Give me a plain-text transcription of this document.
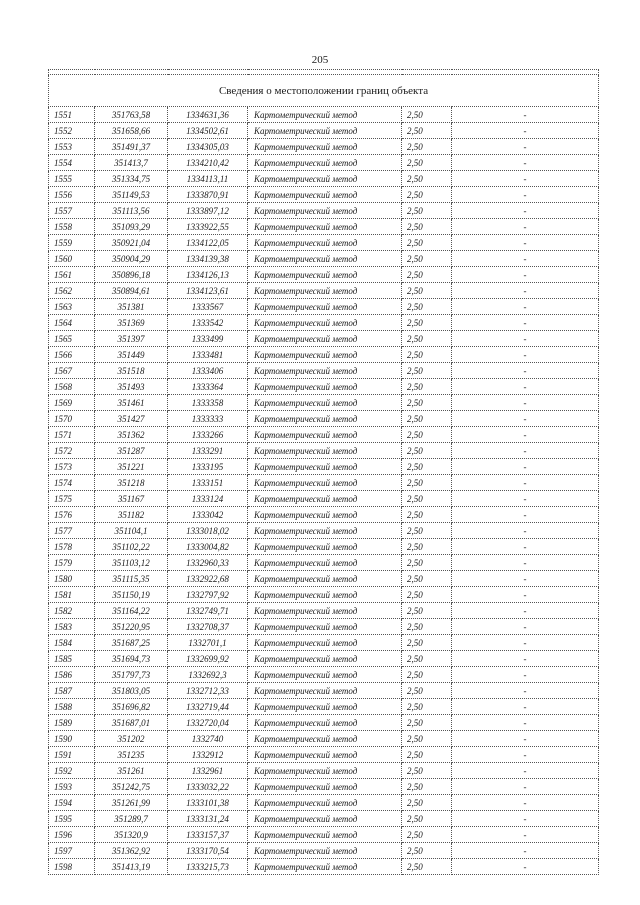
205

Сведения о местоположении границ объекта					
1551	351763,58	1334631,36	Картометрический метод	2,50	-
1552	351658,66	1334502,61	Картометрический метод	2,50	-
1553	351491,37	1334305,03	Картометрический метод	2,50	-
1554	351413,7	1334210,42	Картометрический метод	2,50	-
1555	351334,75	1334113,11	Картометрический метод	2,50	-
1556	351149,53	1333870,91	Картометрический метод	2,50	-
1557	351113,56	1333897,12	Картометрический метод	2,50	-
1558	351093,29	1333922,55	Картометрический метод	2,50	-
1559	350921,04	1334122,05	Картометрический метод	2,50	-
1560	350904,29	1334139,38	Картометрический метод	2,50	-
1561	350896,18	1334126,13	Картометрический метод	2,50	-
1562	350894,61	1334123,61	Картометрический метод	2,50	-
1563	351381	1333567	Картометрический метод	2,50	-
1564	351369	1333542	Картометрический метод	2,50	-
1565	351397	1333499	Картометрический метод	2,50	-
1566	351449	1333481	Картометрический метод	2,50	-
1567	351518	1333406	Картометрический метод	2,50	-
1568	351493	1333364	Картометрический метод	2,50	-
1569	351461	1333358	Картометрический метод	2,50	-
1570	351427	1333333	Картометрический метод	2,50	-
1571	351362	1333266	Картометрический метод	2,50	-
1572	351287	1333291	Картометрический метод	2,50	-
1573	351221	1333195	Картометрический метод	2,50	-
1574	351218	1333151	Картометрический метод	2,50	-
1575	351167	1333124	Картометрический метод	2,50	-
1576	351182	1333042	Картометрический метод	2,50	-
1577	351104,1	1333018,02	Картометрический метод	2,50	-
1578	351102,22	1333004,82	Картометрический метод	2,50	-
1579	351103,12	1332960,33	Картометрический метод	2,50	-
1580	351115,35	1332922,68	Картометрический метод	2,50	-
1581	351150,19	1332797,92	Картометрический метод	2,50	-
1582	351164,22	1332749,71	Картометрический метод	2,50	-
1583	351220,95	1332708,37	Картометрический метод	2,50	-
1584	351687,25	1332701,1	Картометрический метод	2,50	-
1585	351694,73	1332699,92	Картометрический метод	2,50	-
1586	351797,73	1332692,3	Картометрический метод	2,50	-
1587	351803,05	1332712,33	Картометрический метод	2,50	-
1588	351696,82	1332719,44	Картометрический метод	2,50	-
1589	351687,01	1332720,04	Картометрический метод	2,50	-
1590	351202	1332740	Картометрический метод	2,50	-
1591	351235	1332912	Картометрический метод	2,50	-
1592	351261	1332961	Картометрический метод	2,50	-
1593	351242,75	1333032,22	Картометрический метод	2,50	-
1594	351261,99	1333101,38	Картометрический метод	2,50	-
1595	351289,7	1333131,24	Картометрический метод	2,50	-
1596	351320,9	1333157,37	Картометрический метод	2,50	-
1597	351362,92	1333170,54	Картометрический метод	2,50	-
1598	351413,19	1333215,73	Картометрический метод	2,50	-
